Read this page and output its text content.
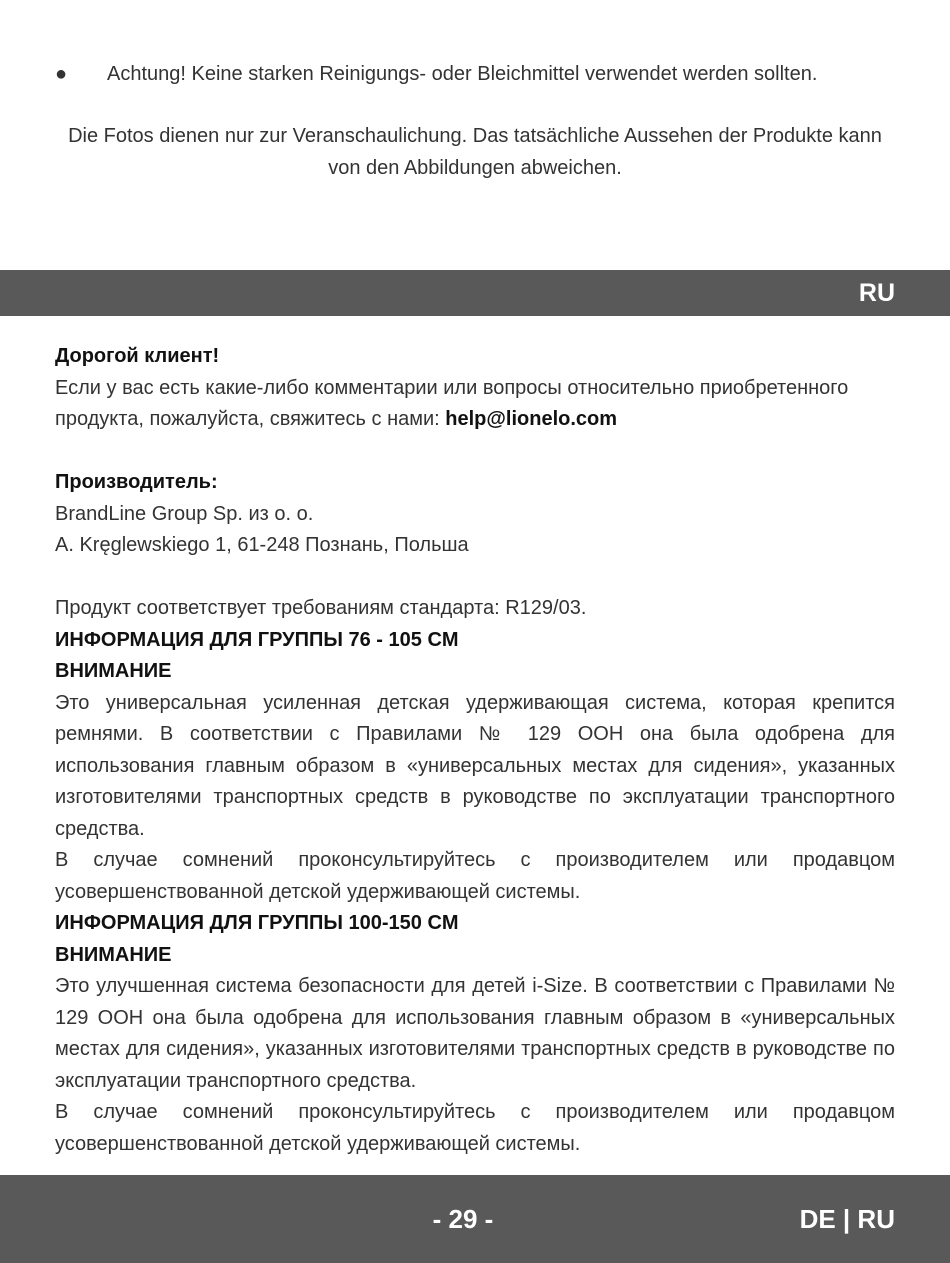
●	Achtung! Keine starken Reinigungs- oder Bleichmittel verwendet werden sollten.
Die Fotos dienen nur zur Veranschaulichung. Das tatsächliche Aussehen der Produkte kann von den Abbildungen abweichen.
RU

Дорогой клиент!

Если у вас есть какие-либо комментарии или вопросы относительно приобретенного продукта, пожалуйста, свяжитесь с нами: help@lionelo.com

Производитель:

BrandLine Group Sp. из о. о.

A. Kręglewskiego 1, 61-248 Познань, Польша

Продукт соответствует требованиям стандарта: R129/03.

ИНФОРМАЦИЯ ДЛЯ ГРУППЫ 76 - 105 CM

ВНИМАНИЕ

Это универсальная усиленная детская удерживающая система, которая крепится ремнями. В соответствии с Правилами № 129 ООН она была одобрена для использования главным образом в «универсальных местах для сидения», указанных изготовителями транспортных средств в руководстве по эксплуатации транспортного средства.

В случае сомнений проконсультируйтесь с производителем или продавцом усовершенствованной детской удерживающей системы.

ИНФОРМАЦИЯ ДЛЯ ГРУППЫ 100-150 CM

ВНИМАНИЕ

Это улучшенная система безопасности для детей i-Size. В соответствии с Правилами № 129 ООН она была одобрена для использования главным образом в «универсальных местах для сидения», указанных изготовителями транспортных средств в руководстве по эксплуатации транспортного средства.

В случае сомнений проконсультируйтесь с производителем или продавцом усовершенствованной детской удерживающей системы.

- 29 -	DE | RU
